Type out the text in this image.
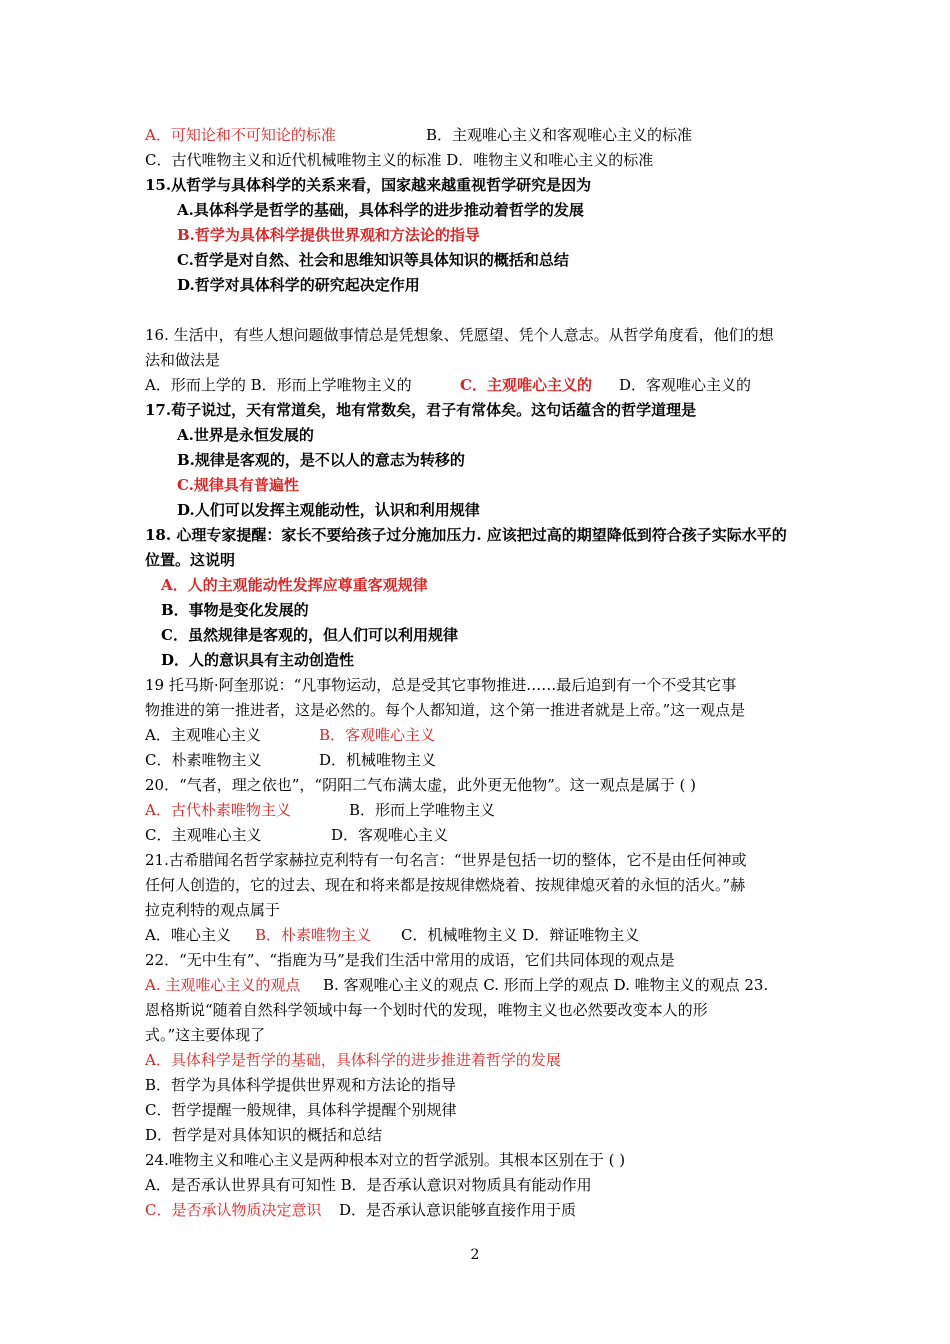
A．可知论和不可知论的标准	B．主观唯心主义和客观唯心主义的标准
C．古代唯物主义和近代机械唯物主义的标准 D．唯物主义和唯心主义的标准
15.从哲学与具体科学的关系来看，国家越来越重视哲学研究是因为
A.具体科学是哲学的基础，具体科学的进步推动着哲学的发展
B.哲学为具体科学提供世界观和方法论的指导
C.哲学是对自然、社会和思维知识等具体知识的概括和总结
D.哲学对具体科学的研究起决定作用
16. 生活中，有些人想问题做事情总是凭想象、凭愿望、凭个人意志。从哲学角度看，他们的想
法和做法是
A．形而上学的 B．形而上学唯物主义的	C．主观唯心主义的 D．客观唯心主义的
17.荀子说过，天有常道矣，地有常数矣，君子有常体矣。这句话蕴含的哲学道理是
A.世界是永恒发展的
B.规律是客观的，是不以人的意志为转移的
C.规律具有普遍性
D.人们可以发挥主观能动性，认识和利用规律
18. 心理专家提醒：家长不要给孩子过分施加压力. 应该把过高的期望降低到符合孩子实际水平的
位置。这说明
A．人的主观能动性发挥应尊重客观规律
B．事物是变化发展的
C．虽然规律是客观的，但人们可以利用规律
D．人的意识具有主动创造性
19 托马斯·阿奎那说：“凡事物运动，总是受其它事物推进……最后追到有一个不受其它事
物推进的第一推进者，这是必然的。每个人都知道，这个第一推进者就是上帝。”这一观点是
A．主观唯心主义	B．客观唯心主义
C．朴素唯物主义	D．机械唯物主义
20．“气者，理之依也”，“阴阳二气布满太虚，此外更无他物”。这一观点是属于 ( )
A．古代朴素唯物主义	B．形而上学唯物主义
C．主观唯心主义	D．客观唯心主义
21.古希腊闻名哲学家赫拉克利特有一句名言：“世界是包括一切的整体，它不是由任何神或
任何人创造的，它的过去、现在和将来都是按规律燃烧着、按规律熄灭着的永恒的活火。”赫
拉克利特的观点属于
A．唯心主义 B．朴素唯物主义 C．机械唯物主义 D．辩证唯物主义
22．“无中生有”、“指鹿为马”是我们生活中常用的成语，它们共同体现的观点是
A. 主观唯心主义的观点 B. 客观唯心主义的观点 C. 形而上学的观点 D. 唯物主义的观点 23.
恩格斯说“随着自然科学领域中每一个划时代的发现，唯物主义也必然要改变本人的形
式。”这主要体现了
A．具体科学是哲学的基础，具体科学的进步推进着哲学的发展
B．哲学为具体科学提供世界观和方法论的指导
C．哲学提醒一般规律，具体科学提醒个别规律
D．哲学是对具体知识的概括和总结
24.唯物主义和唯心主义是两种根本对立的哲学派别。其根本区别在于 ( )
A．是否承认世界具有可知性 B．是否承认意识对物质具有能动作用
C．是否承认物质决定意识 D．是否承认意识能够直接作用于质
2
